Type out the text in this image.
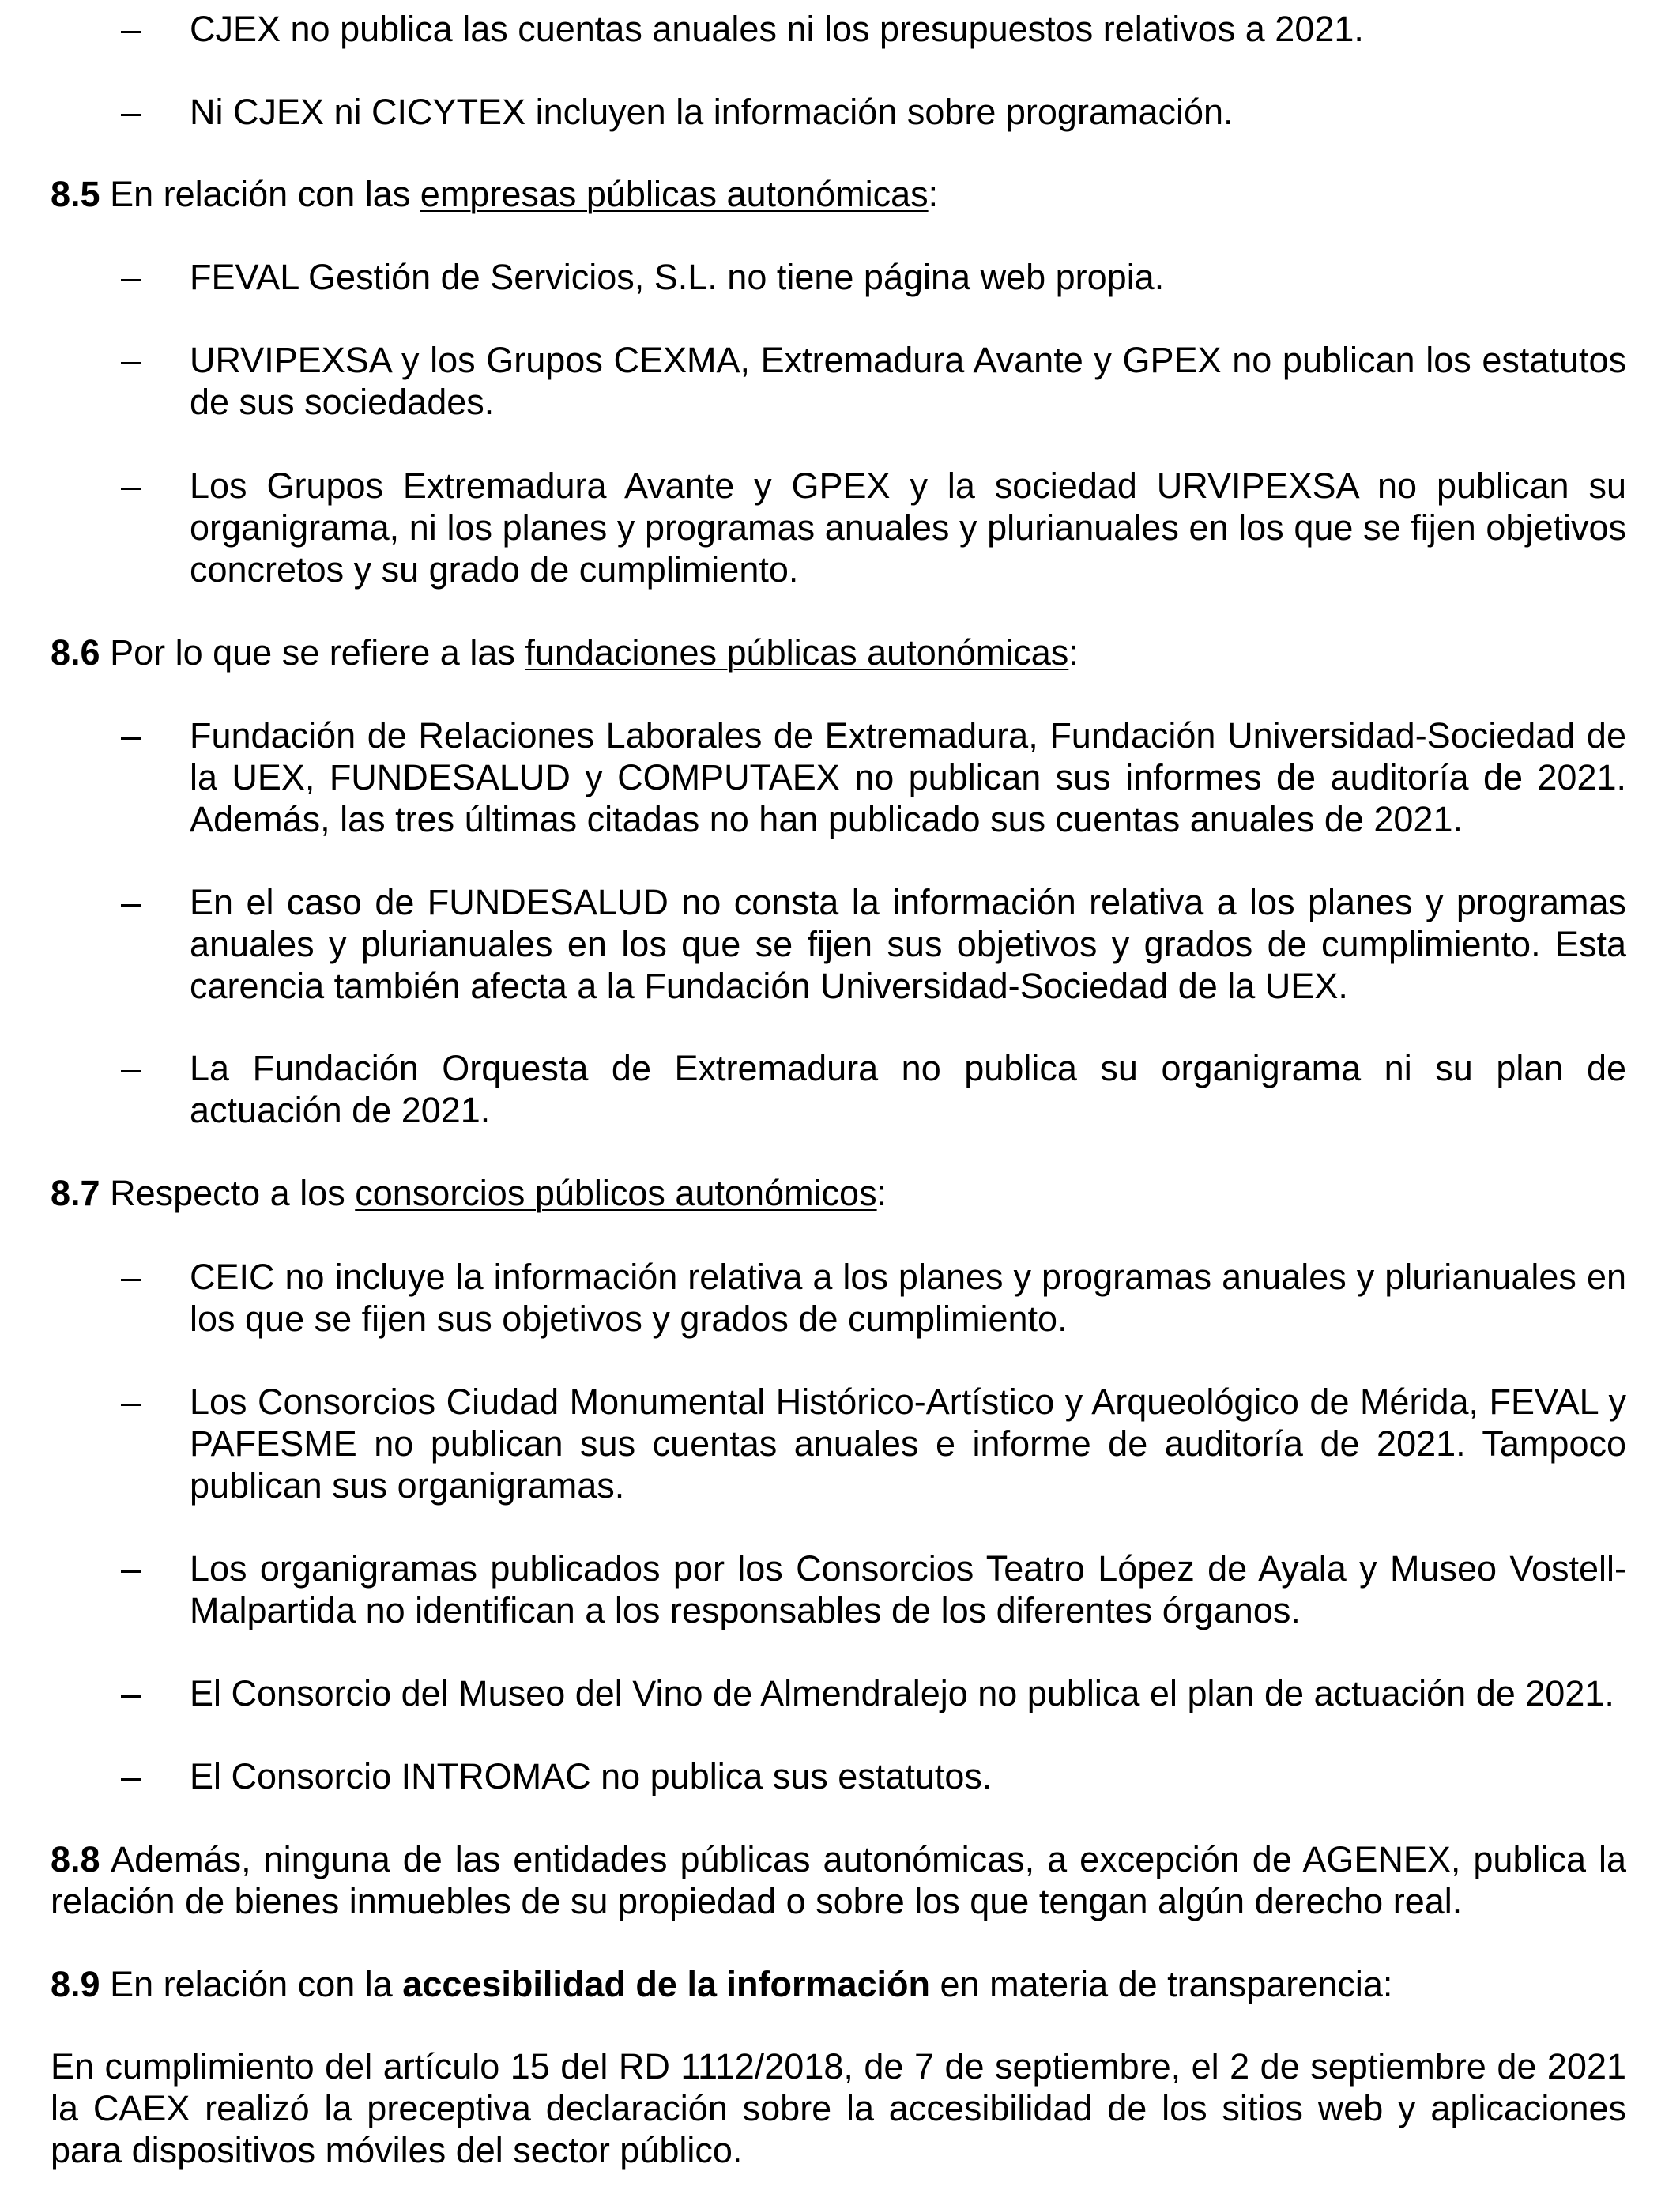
–	CJEX no publica las cuentas anuales ni los presupuestos relativos a 2021.

–	Ni CJEX ni CICYTEX incluyen la información sobre programación.

8.5 En relación con las empresas públicas autonómicas:

–	FEVAL Gestión de Servicios, S.L. no tiene página web propia.

–	URVIPEXSA y los Grupos CEXMA, Extremadura Avante y GPEX no publican los estatutos de sus sociedades.

–	Los Grupos Extremadura Avante y GPEX y la sociedad URVIPEXSA no publican su organigrama, ni los planes y programas anuales y plurianuales en los que se fijen objetivos concretos y su grado de cumplimiento.

8.6 Por lo que se refiere a las fundaciones públicas autonómicas:

–	Fundación de Relaciones Laborales de Extremadura, Fundación Universidad-Sociedad de la UEX, FUNDESALUD y COMPUTAEX no publican sus informes de auditoría de 2021. Además, las tres últimas citadas no han publicado sus cuentas anuales de 2021.

–	En el caso de FUNDESALUD no consta la información relativa a los planes y programas anuales y plurianuales en los que se fijen sus objetivos y grados de cumplimiento. Esta carencia también afecta a la Fundación Universidad-Sociedad de la UEX.

–	La Fundación Orquesta de Extremadura no publica su organigrama ni su plan de actuación de 2021.

8.7 Respecto a los consorcios públicos autonómicos:

–	CEIC no incluye la información relativa a los planes y programas anuales y plurianuales en los que se fijen sus objetivos y grados de cumplimiento.

–	Los Consorcios Ciudad Monumental Histórico-Artístico y Arqueológico de Mérida, FEVAL y PAFESME no publican sus cuentas anuales e informe de auditoría de 2021. Tampoco publican sus organigramas.

–	Los organigramas publicados por los Consorcios Teatro López de Ayala y Museo Vostell-Malpartida no identifican a los responsables de los diferentes órganos.

–	El Consorcio del Museo del Vino de Almendralejo no publica el plan de actuación de 2021.

–	El Consorcio INTROMAC no publica sus estatutos.

8.8 Además, ninguna de las entidades públicas autonómicas, a excepción de AGENEX, publica la relación de bienes inmuebles de su propiedad o sobre los que tengan algún derecho real.

8.9 En relación con la accesibilidad de la información en materia de transparencia:

En cumplimiento del artículo 15 del RD 1112/2018, de 7 de septiembre, el 2 de septiembre de 2021 la CAEX realizó la preceptiva declaración sobre la accesibilidad de los sitios web y aplicaciones para dispositivos móviles del sector público.
